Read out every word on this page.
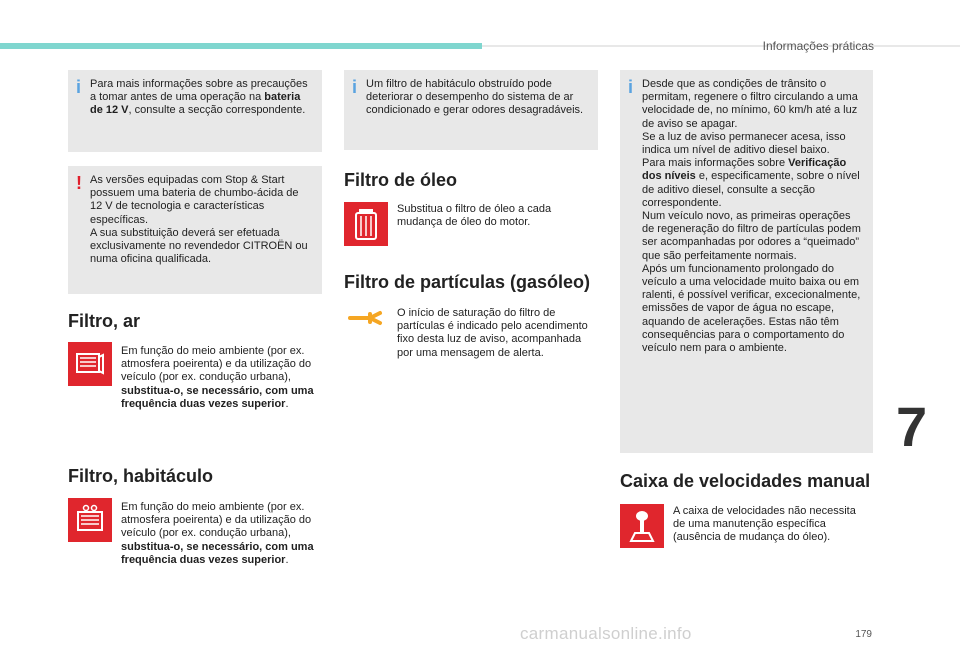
Informações práticas
i Para mais informações sobre as precauções a tomar antes de uma operação na bateria de 12 V, consulte a secção correspondente.

! As versões equipadas com Stop & Start possuem uma bateria de chumbo-ácida de 12 V de tecnologia e características específicas.

A sua substituição deverá ser efetuada exclusivamente no revendedor CITROËN ou numa oficina qualificada.

Filtro, ar

Em função do meio ambiente (por ex. atmosfera poeirenta) e da utilização do veículo (por ex. condução urbana), substitua-o, se necessário, com uma frequência duas vezes superior.

Filtro, habitáculo

Em função do meio ambiente (por ex. atmosfera poeirenta) e da utilização do veículo (por ex. condução urbana), substitua-o, se necessário, com uma frequência duas vezes superior.

i Um filtro de habitáculo obstruído pode deteriorar o desempenho do sistema de ar condicionado e gerar odores desagradáveis.

Filtro de óleo

Substitua o filtro de óleo a cada mudança de óleo do motor.

Filtro de partículas (gasóleo)

O início de saturação do filtro de partículas é indicado pelo acendimento fixo desta luz de aviso, acompanhada por uma mensagem de alerta.

i Desde que as condições de trânsito o permitam, regenere o filtro circulando a uma velocidade de, no mínimo, 60 km/h até a luz de aviso se apagar.

Se a luz de aviso permanecer acesa, isso indica um nível de aditivo diesel baixo.

Para mais informações sobre Verificação dos níveis e, especificamente, sobre o nível de aditivo diesel, consulte a secção correspondente.

Num veículo novo, as primeiras operações de regeneração do filtro de partículas podem ser acompanhadas por odores a “queimado” que são perfeitamente normais.

Após um funcionamento prolongado do veículo a uma velocidade muito baixa ou em ralenti, é possível verificar, excecionalmente, emissões de vapor de água no escape, aquando de acelerações. Estas não têm consequências para o comportamento do veículo nem para o ambiente.

Caixa de velocidades manual

A caixa de velocidades não necessita de uma manutenção específica (ausência de mudança do óleo).

7
179
carmanualsonline.info
